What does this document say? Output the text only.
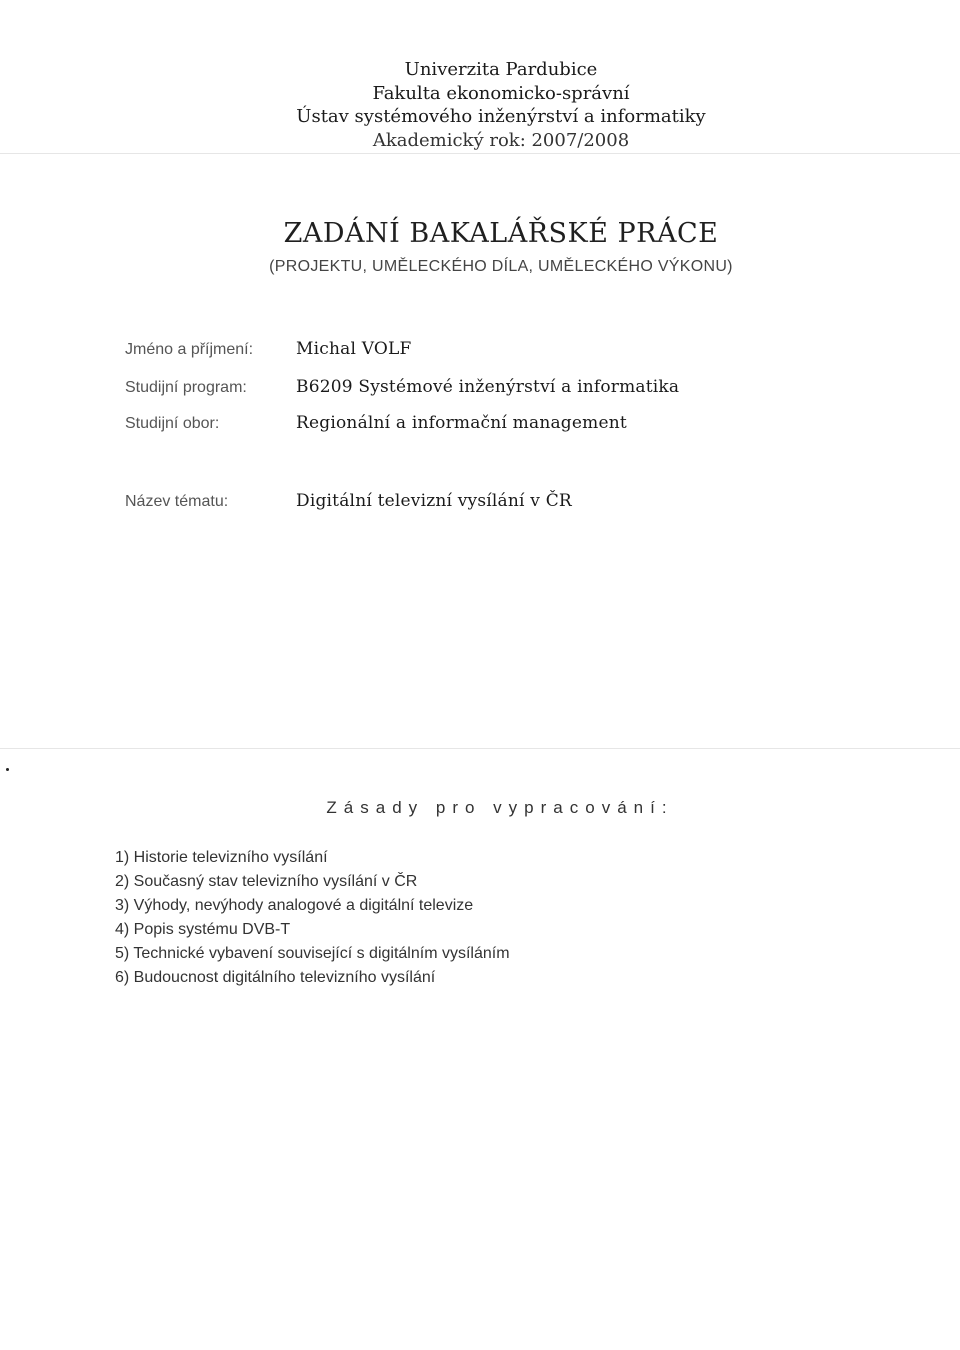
Univerzita Pardubice
Fakulta ekonomicko-správní
Ústav systémového inženýrství a informatiky
Akademický rok: 2007/2008
ZADÁNÍ BAKALÁŘSKÉ PRÁCE
(PROJEKTU, UMĚLECKÉHO DÍLA, UMĚLECKÉHO VÝKONU)
Jméno a příjmení:	Michal VOLF
Studijní program:	B6209 Systémové inženýrství a informatika
Studijní obor:	Regionální a informační management
Název tématu:	Digitální televizní vysílání v ČR
Zásady pro vypracování:
1) Historie televizního vysílání
2) Současný stav televizního vysílání v ČR
3) Výhody, nevýhody analogové a digitální televize
4) Popis systému DVB-T
5) Technické vybavení související s digitálním vysíláním
6) Budoucnost digitálního televizního vysílání
